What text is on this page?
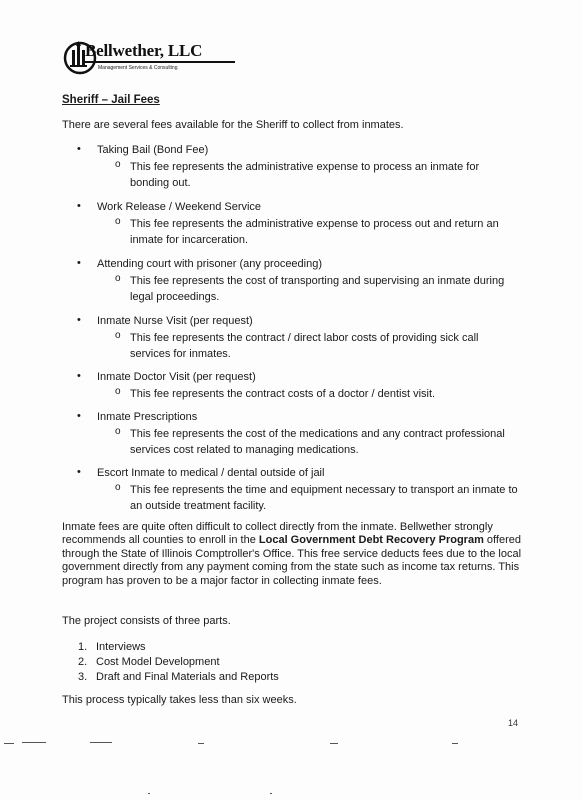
Bellwether, LLC
Management Services & Consulting
Sheriff – Jail Fees
There are several fees available for the Sheriff to collect from inmates.
• Taking Bail (Bond Fee)
o This fee represents the administrative expense to process an inmate for bonding out.
• Work Release / Weekend Service
o This fee represents the administrative expense to process out and return an inmate for incarceration.
• Attending court with prisoner (any proceeding)
o This fee represents the cost of transporting and supervising an inmate during legal proceedings.
• Inmate Nurse Visit (per request)
o This fee represents the contract / direct labor costs of providing sick call services for inmates.
• Inmate Doctor Visit (per request)
o This fee represents the contract costs of a doctor / dentist visit.
• Inmate Prescriptions
o This fee represents the cost of the medications and any contract professional services cost related to managing medications.
• Escort Inmate to medical / dental outside of jail
o This fee represents the time and equipment necessary to transport an inmate to an outside treatment facility.
Inmate fees are quite often difficult to collect directly from the inmate. Bellwether strongly recommends all counties to enroll in the Local Government Debt Recovery Program offered through the State of Illinois Comptroller's Office. This free service deducts fees due to the local government directly from any payment coming from the state such as income tax returns. This program has proven to be a major factor in collecting inmate fees.
The project consists of three parts.
1. Interviews
2. Cost Model Development
3. Draft and Final Materials and Reports
This process typically takes less than six weeks.
14
